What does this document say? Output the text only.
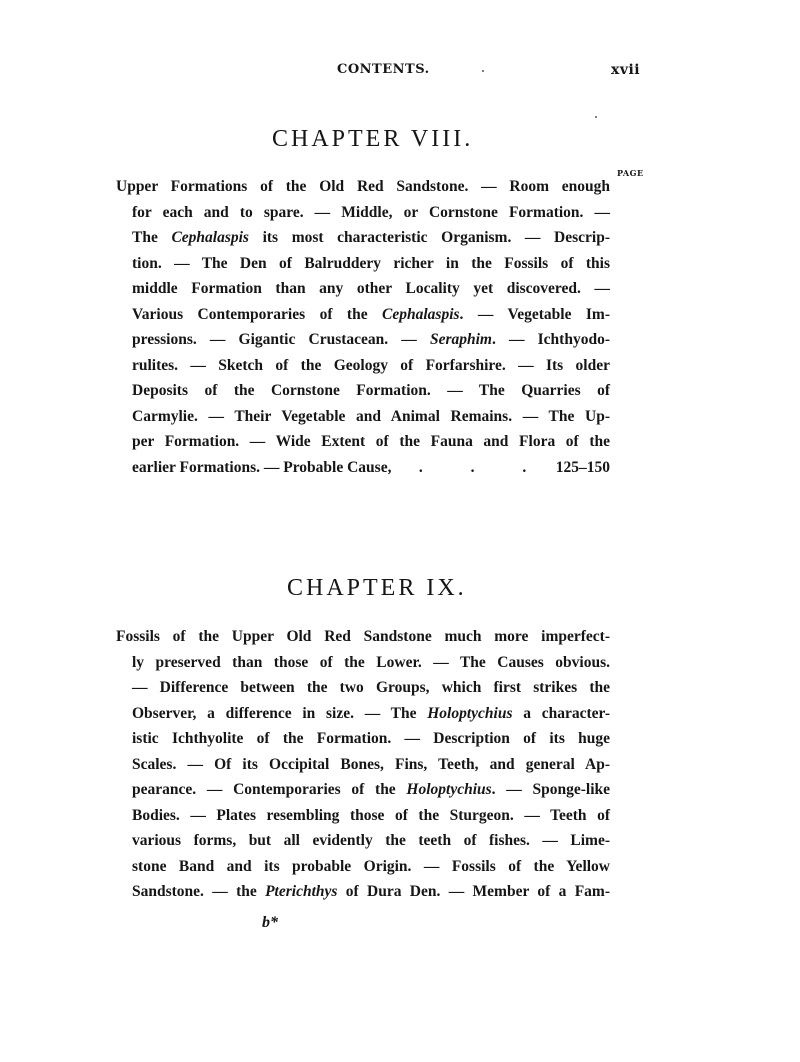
CONTENTS.	xvii
CHAPTER VIII.
PAGE
Upper Formations of the Old Red Sandstone. — Room enough
for each and to spare. — Middle, or Cornstone Formation. —
The Cephalaspis its most characteristic Organism. — Descrip-
tion. — The Den of Balruddery richer in the Fossils of this
middle Formation than any other Locality yet discovered. —
Various Contemporaries of the Cephalaspis. — Vegetable Im-
pressions. — Gigantic Crustacean. — Seraphim. — Ichthyodo-
rulites. — Sketch of the Geology of Forfarshire. — Its older
Deposits of the Cornstone Formation. — The Quarries of
Carmylie. — Their Vegetable and Animal Remains. — The Up-
per Formation. — Wide Extent of the Fauna and Flora of the
earlier Formations. — Probable Cause,	. . . 125–150
CHAPTER IX.
Fossils of the Upper Old Red Sandstone much more imperfect-
ly preserved than those of the Lower. — The Causes obvious.
— Difference between the two Groups, which first strikes the
Observer, a difference in size. — The Holoptychius a character-
istic Ichthyolite of the Formation. — Description of its huge
Scales. — Of its Occipital Bones, Fins, Teeth, and general Ap-
pearance. — Contemporaries of the Holoptychius. — Sponge-like
Bodies. — Plates resembling those of the Sturgeon. — Teeth of
various forms, but all evidently the teeth of fishes. — Lime-
stone Band and its probable Origin. — Fossils of the Yellow
Sandstone. — the Pterichthys of Dura Den. — Member of a Fam-
b*
